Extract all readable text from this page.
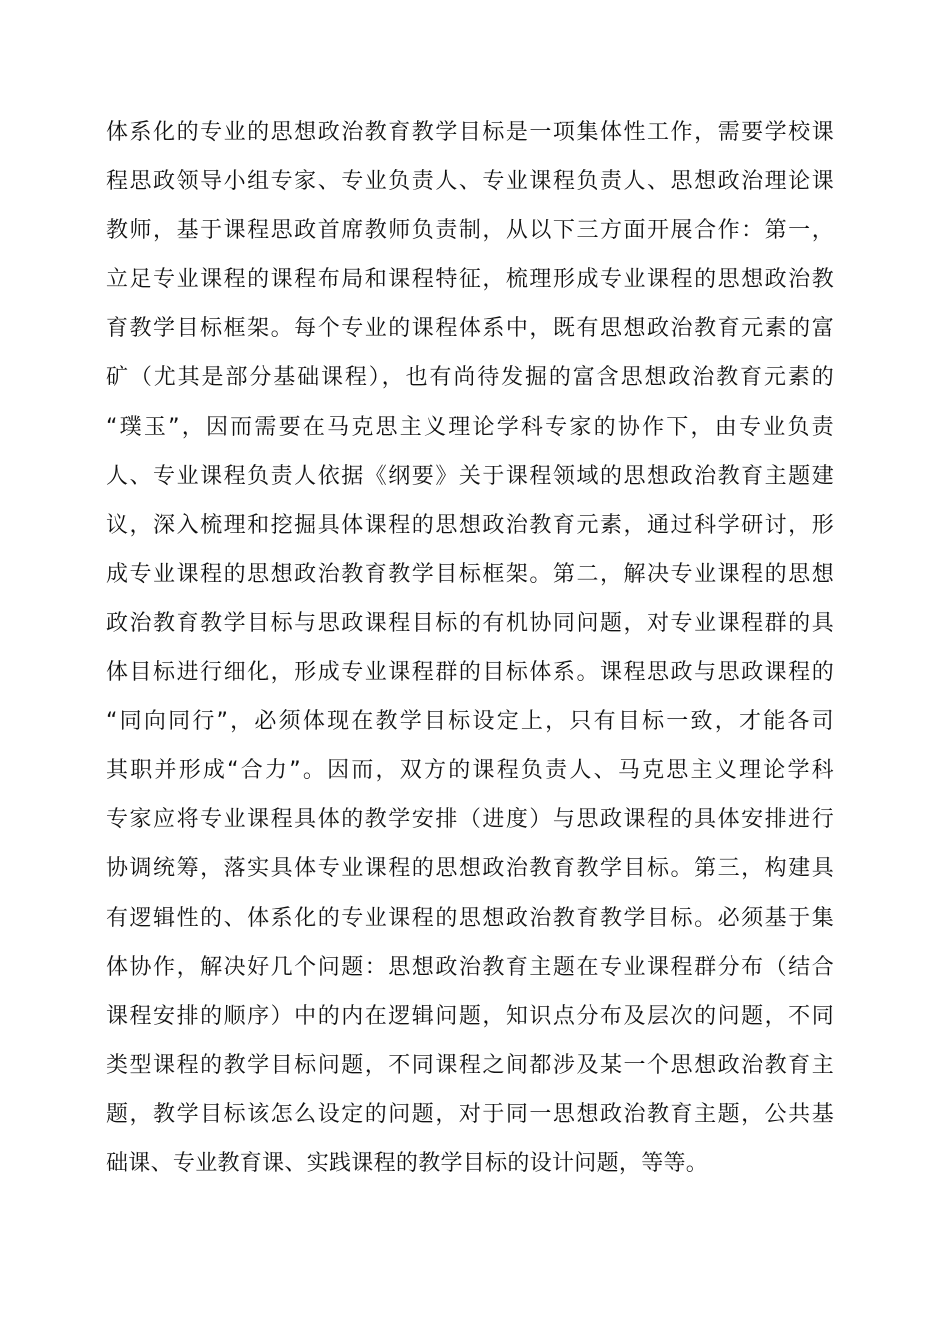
体系化的专业的思想政治教育教学目标是一项集体性工作，需要学校课
程思政领导小组专家、专业负责人、专业课程负责人、思想政治理论课
教师，基于课程思政首席教师负责制，从以下三方面开展合作：第一，
立足专业课程的课程布局和课程特征，梳理形成专业课程的思想政治教
育教学目标框架。每个专业的课程体系中，既有思想政治教育元素的富
矿（尤其是部分基础课程），也有尚待发掘的富含思想政治教育元素的
“璞玉”，因而需要在马克思主义理论学科专家的协作下，由专业负责
人、专业课程负责人依据《纲要》关于课程领域的思想政治教育主题建
议，深入梳理和挖掘具体课程的思想政治教育元素，通过科学研讨，形
成专业课程的思想政治教育教学目标框架。第二，解决专业课程的思想
政治教育教学目标与思政课程目标的有机协同问题，对专业课程群的具
体目标进行细化，形成专业课程群的目标体系。课程思政与思政课程的
“同向同行”，必须体现在教学目标设定上，只有目标一致，才能各司
其职并形成“合力”。因而，双方的课程负责人、马克思主义理论学科
专家应将专业课程具体的教学安排（进度）与思政课程的具体安排进行
协调统筹，落实具体专业课程的思想政治教育教学目标。第三，构建具
有逻辑性的、体系化的专业课程的思想政治教育教学目标。必须基于集
体协作，解决好几个问题：思想政治教育主题在专业课程群分布（结合
课程安排的顺序）中的内在逻辑问题，知识点分布及层次的问题，不同
类型课程的教学目标问题，不同课程之间都涉及某一个思想政治教育主
题，教学目标该怎么设定的问题，对于同一思想政治教育主题，公共基
础课、专业教育课、实践课程的教学目标的设计问题，等等。
